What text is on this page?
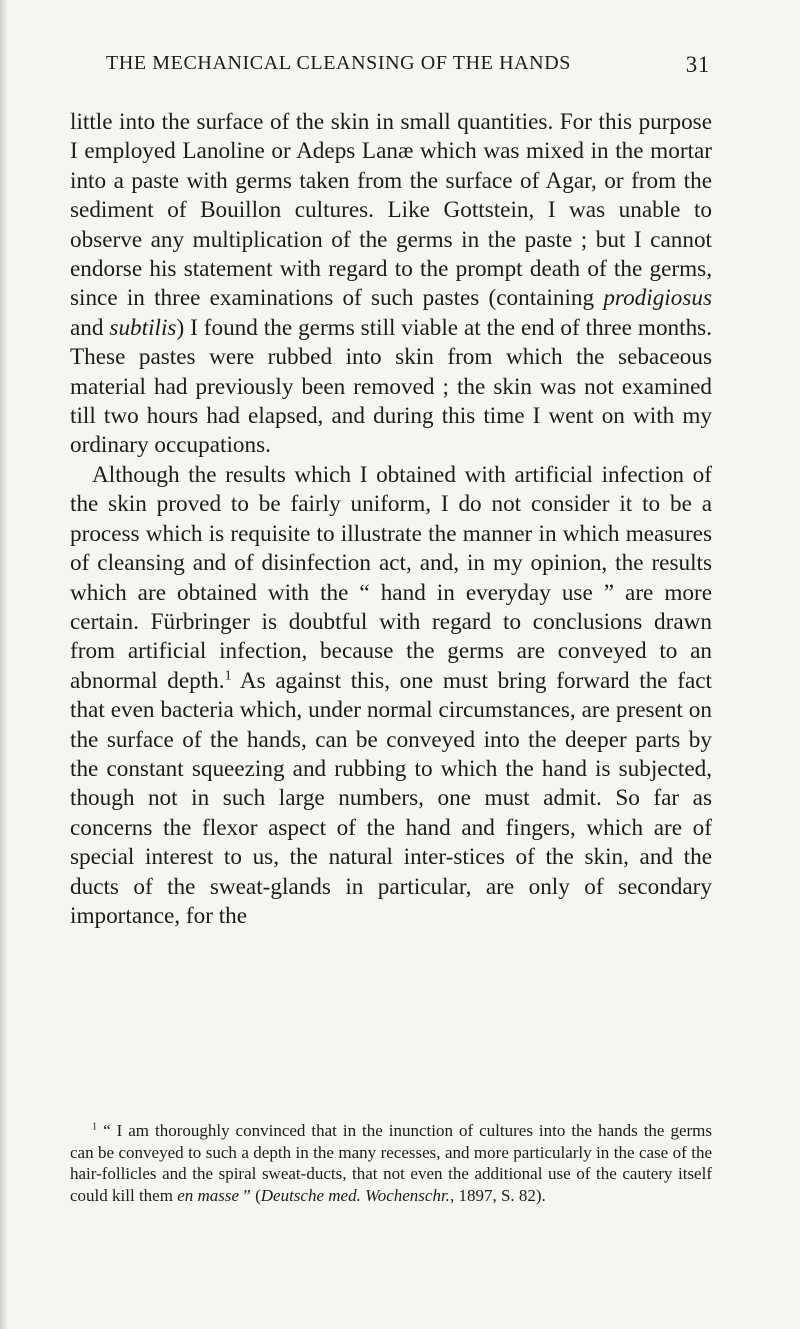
THE MECHANICAL CLEANSING OF THE HANDS	31

little into the surface of the skin in small quantities. For this purpose I employed Lanoline or Adeps Lanæ which was mixed in the mortar into a paste with germs taken from the surface of Agar, or from the sediment of Bouillon cultures. Like Gottstein, I was unable to observe any multiplication of the germs in the paste ; but I cannot endorse his statement with regard to the prompt death of the germs, since in three examinations of such pastes (containing prodigiosus and subtilis) I found the germs still viable at the end of three months. These pastes were rubbed into skin from which the sebaceous material had previously been removed ; the skin was not examined till two hours had elapsed, and during this time I went on with my ordinary occupations.

Although the results which I obtained with artificial infection of the skin proved to be fairly uniform, I do not consider it to be a process which is requisite to illustrate the manner in which measures of cleansing and of disinfection act, and, in my opinion, the results which are obtained with the “ hand in everyday use ” are more certain. Fürbringer is doubtful with regard to conclusions drawn from artificial infection, because the germs are conveyed to an abnormal depth.$^1$ As against this, one must bring forward the fact that even bacteria which, under normal circumstances, are present on the surface of the hands, can be conveyed into the deeper parts by the constant squeezing and rubbing to which the hand is subjected, though not in such large numbers, one must admit. So far as concerns the flexor aspect of the hand and fingers, which are of special interest to us, the natural inter-stices of the skin, and the ducts of the sweat-glands in particular, are only of secondary importance, for the

$^1$ “ I am thoroughly convinced that in the inunction of cultures into the hands the germs can be conveyed to such a depth in the many recesses, and more particularly in the case of the hair-follicles and the spiral sweat-ducts, that not even the additional use of the cautery itself could kill them en masse ” (Deutsche med. Wochenschr., 1897, S. 82).
